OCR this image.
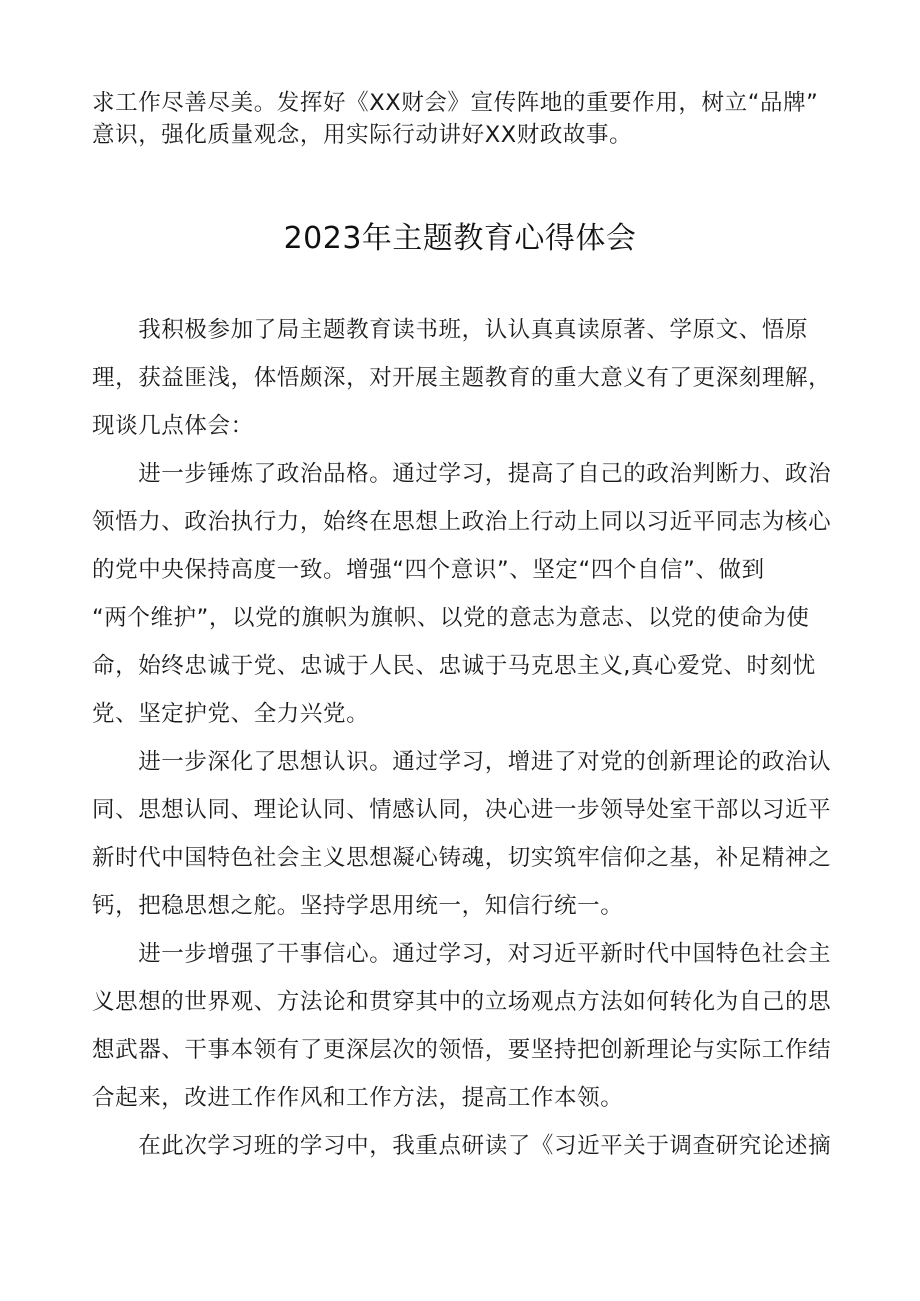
求工作尽善尽美。发挥好《XX财会》宣传阵地的重要作用，树立“品牌”
意识，强化质量观念，用实际行动讲好XX财政故事。
2023年主题教育心得体会
　　我积极参加了局主题教育读书班，认认真真读原著、学原文、悟原
理，获益匪浅，体悟颇深，对开展主题教育的重大意义有了更深刻理解，
现谈几点体会：
　　进一步锤炼了政治品格。通过学习，提高了自己的政治判断力、政治
领悟力、政治执行力，始终在思想上政治上行动上同以习近平同志为核心
的党中央保持高度一致。增强“四个意识”、坚定“四个自信”、做到
“两个维护”，以党的旗帜为旗帜、以党的意志为意志、以党的使命为使
命，始终忠诚于党、忠诚于人民、忠诚于马克思主义,真心爱党、时刻忧
党、坚定护党、全力兴党。
　　进一步深化了思想认识。通过学习，增进了对党的创新理论的政治认
同、思想认同、理论认同、情感认同，决心进一步领导处室干部以习近平
新时代中国特色社会主义思想凝心铸魂，切实筑牢信仰之基，补足精神之
钙，把稳思想之舵。坚持学思用统一，知信行统一。
　　进一步增强了干事信心。通过学习，对习近平新时代中国特色社会主
义思想的世界观、方法论和贯穿其中的立场观点方法如何转化为自己的思
想武器、干事本领有了更深层次的领悟，要坚持把创新理论与实际工作结
合起来，改进工作作风和工作方法，提高工作本领。
　　在此次学习班的学习中，我重点研读了《习近平关于调查研究论述摘
